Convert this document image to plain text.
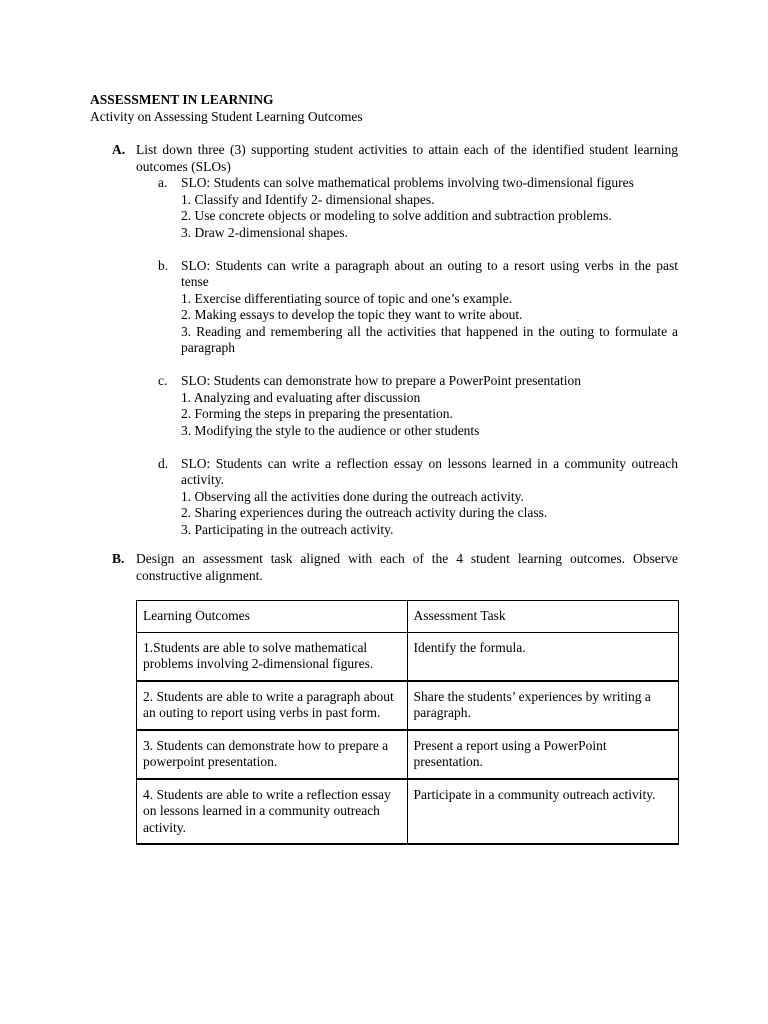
ASSESSMENT IN LEARNING
Activity on Assessing Student Learning Outcomes
A. List down three (3) supporting student activities to attain each of the identified student learning outcomes (SLOs)
a. SLO: Students can solve mathematical problems involving two-dimensional figures
1. Classify and Identify 2- dimensional shapes.
2. Use concrete objects or modeling to solve addition and subtraction problems.
3. Draw 2-dimensional shapes.
b. SLO: Students can write a paragraph about an outing to a resort using verbs in the past tense
1. Exercise differentiating source of topic and one’s example.
2. Making essays to develop the topic they want to write about.
3. Reading and remembering all the activities that happened in the outing to formulate a paragraph
c. SLO: Students can demonstrate how to prepare a PowerPoint presentation
1. Analyzing and evaluating after discussion
2. Forming the steps in preparing the presentation.
3. Modifying the style to the audience or other students
d. SLO: Students can write a reflection essay on lessons learned in a community outreach activity.
1. Observing all the activities done during the outreach activity.
2. Sharing experiences during the outreach activity during the class.
3. Participating in the outreach activity.
B. Design an assessment task aligned with each of the 4 student learning outcomes. Observe constructive alignment.
Learning Outcomes	Assessment Task
1.Students are able to solve mathematical problems involving 2-dimensional figures.	Identify the formula.
2. Students are able to write a paragraph about an outing to report using verbs in past form.	Share the students’ experiences by writing a paragraph.
3. Students can demonstrate how to prepare a powerpoint presentation.	Present a report using a PowerPoint presentation.
4. Students are able to write a reflection essay on lessons learned in a community outreach activity.	Participate in a community outreach activity.
